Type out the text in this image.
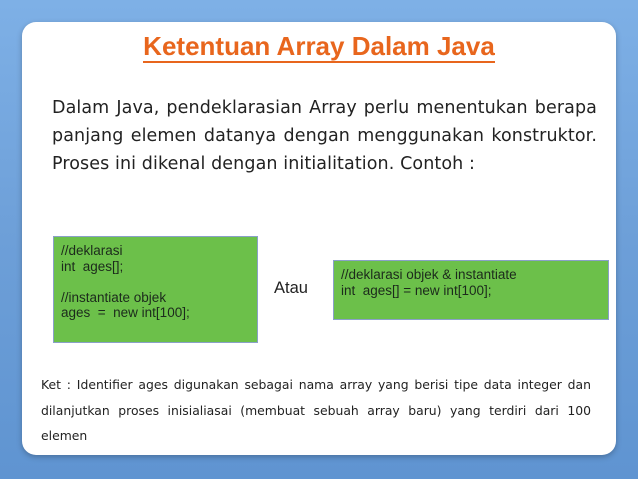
Ketentuan Array Dalam Java
Dalam Java, pendeklarasian Array perlu menentukan berapa panjang elemen datanya dengan menggunakan konstruktor. Proses ini dikenal dengan initialitation. Contoh :
//deklarasi
int  ages[];

//instantiate objek
ages  =  new int[100];
Atau
//deklarasi objek & instantiate
int  ages[] = new int[100];
Ket : Identifier ages digunakan sebagai nama array yang berisi tipe data integer dan dilanjutkan proses inisialiasai (membuat sebuah array baru) yang terdiri dari 100 elemen
